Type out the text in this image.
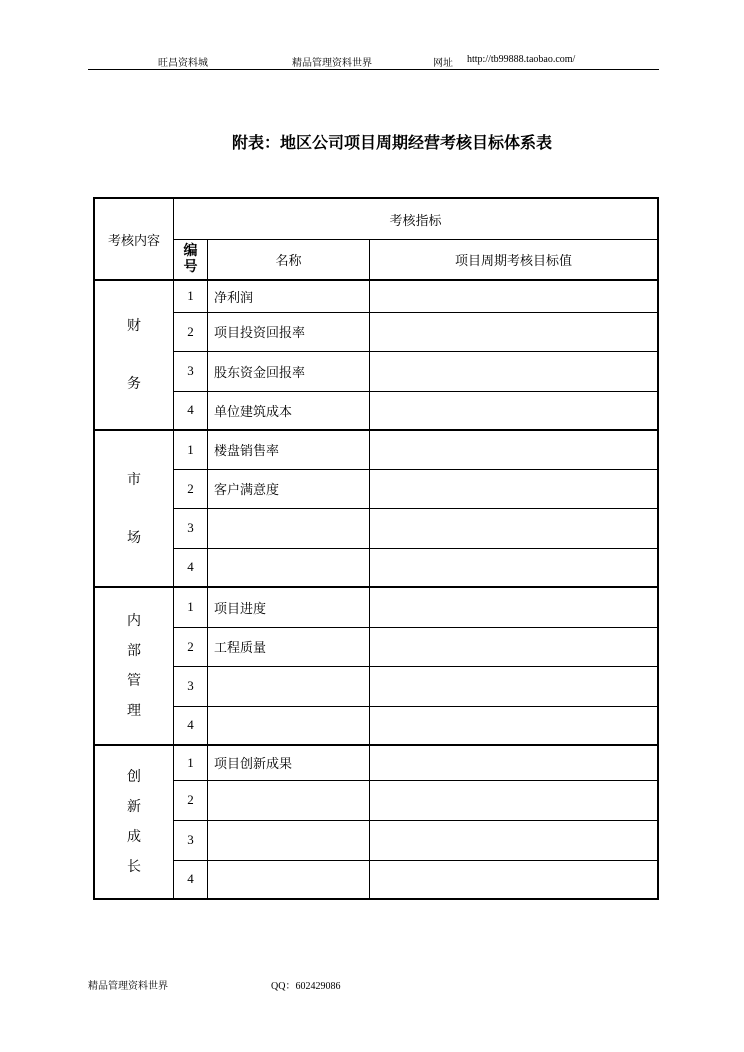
旺昌资料城	精品管理资料世界	网址 http://tb99888.taobao.com/
附表：地区公司项目周期经营考核目标体系表
考核内容	考核指标		
	编号	名称	项目周期考核目标值
财务	1	净利润	
	2	项目投资回报率	
	3	股东资金回报率	
	4	单位建筑成本	
市场	1	楼盘销售率	
	2	客户满意度	
	3		
	4		
内部管理	1	项目进度	
	2	工程质量	
	3		
	4		
创新成长	1	项目创新成果	
	2		
	3		
	4		
精品管理资料世界	QQ：602429086
